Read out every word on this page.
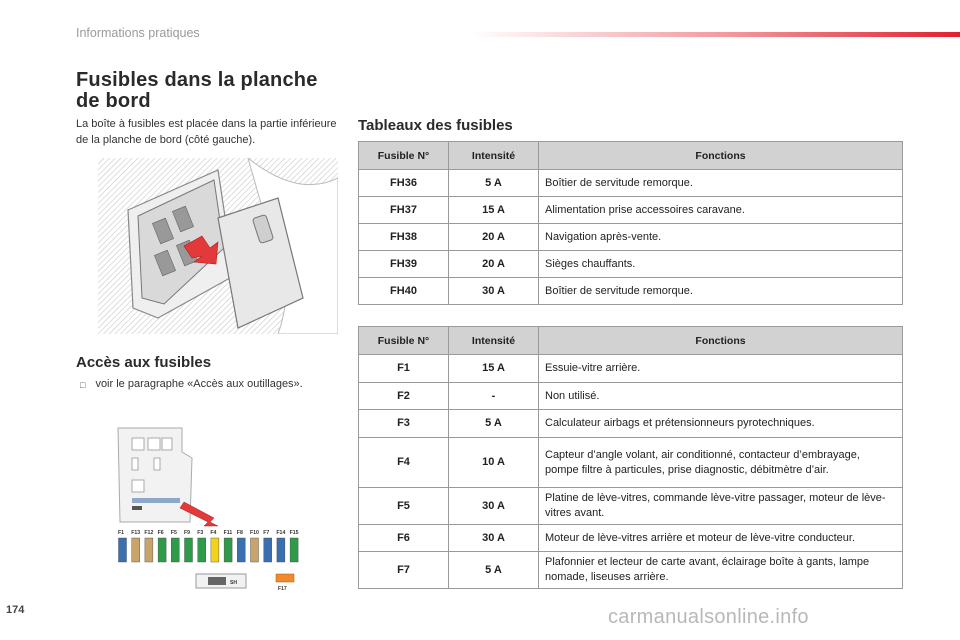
Informations pratiques
Fusibles dans la planche de bord

La boîte à fusibles est placée dans la partie inférieure de la planche de bord (côté gauche).

Accès aux fusibles
□ voir le paragraphe «Accès aux outillages».
F1 F13 F12 F6 F5 F9 F3 F4 F11 F8 F10 F7 F14 F15
SH
F17
Tableaux des fusibles
Fusible N°	Intensité	Fonctions
FH36	5 A	Boîtier de servitude remorque.
FH37	15 A	Alimentation prise accessoires caravane.
FH38	20 A	Navigation après-vente.
FH39	20 A	Sièges chauffants.
FH40	30 A	Boîtier de servitude remorque.
Fusible N°	Intensité	Fonctions
F1	15 A	Essuie-vitre arrière.
F2	-	Non utilisé.
F3	5 A	Calculateur airbags et prétensionneurs pyrotechniques.
F4	10 A	Capteur d’angle volant, air conditionné, contacteur d’embrayage, pompe filtre à particules, prise diagnostic, débitmètre d’air.
F5	30 A	Platine de lève-vitres, commande lève-vitre passager, moteur de lève-vitres avant.
F6	30 A	Moteur de lève-vitres arrière et moteur de lève-vitre conducteur.
F7	5 A	Plafonnier et lecteur de carte avant, éclairage boîte à gants, lampe nomade, liseuses arrière.
174	carmanualsonline.info
